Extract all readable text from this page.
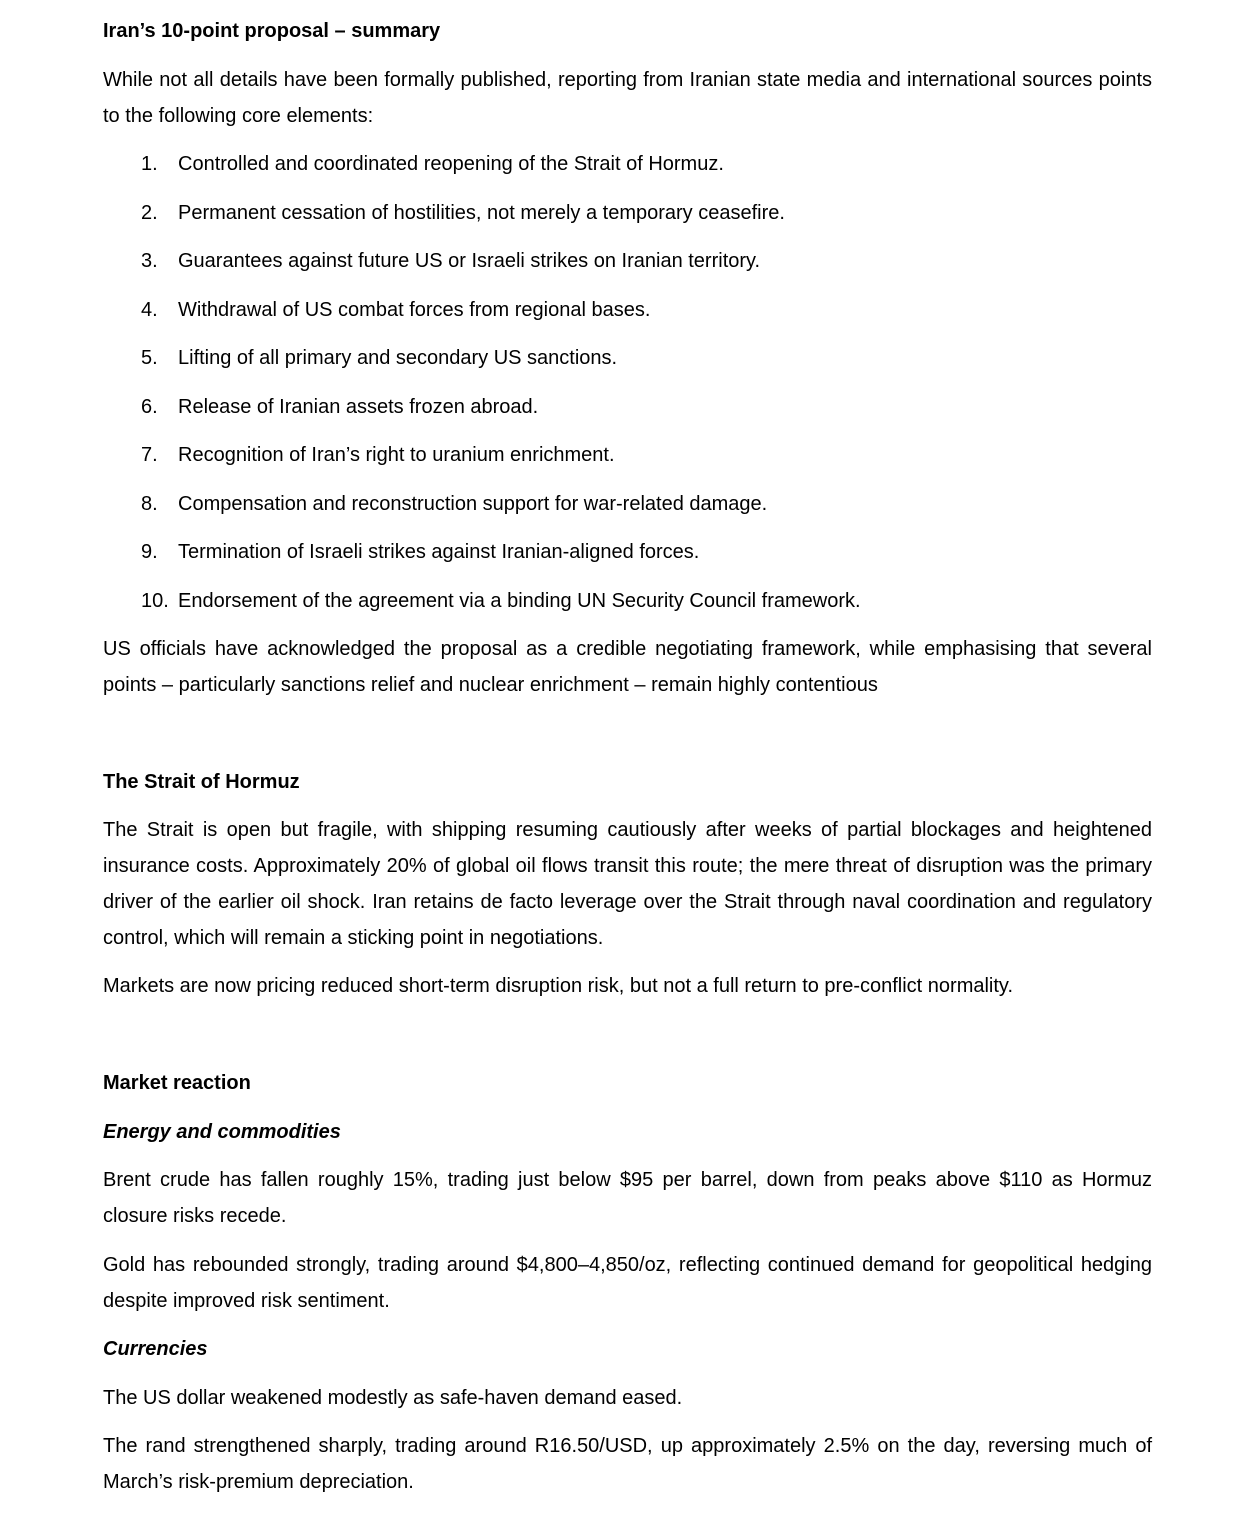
Iran’s 10-point proposal – summary

While not all details have been formally published, reporting from Iranian state media and international sources points to the following core elements:

1.	Controlled and coordinated reopening of the Strait of Hormuz.
2.	Permanent cessation of hostilities, not merely a temporary ceasefire.
3.	Guarantees against future US or Israeli strikes on Iranian territory.
4.	Withdrawal of US combat forces from regional bases.
5.	Lifting of all primary and secondary US sanctions.
6.	Release of Iranian assets frozen abroad.
7.	Recognition of Iran’s right to uranium enrichment.
8.	Compensation and reconstruction support for war-related damage.
9.	Termination of Israeli strikes against Iranian-aligned forces.
10. Endorsement of the agreement via a binding UN Security Council framework.

US officials have acknowledged the proposal as a credible negotiating framework, while emphasising that several points – particularly sanctions relief and nuclear enrichment – remain highly contentious

The Strait of Hormuz

The Strait is open but fragile, with shipping resuming cautiously after weeks of partial blockages and heightened insurance costs. Approximately 20% of global oil flows transit this route; the mere threat of disruption was the primary driver of the earlier oil shock. Iran retains de facto leverage over the Strait through naval coordination and regulatory control, which will remain a sticking point in negotiations.

Markets are now pricing reduced short-term disruption risk, but not a full return to pre-conflict normality.

Market reaction
Energy and commodities

Brent crude has fallen roughly 15%, trading just below $95 per barrel, down from peaks above $110 as Hormuz closure risks recede.

Gold has rebounded strongly, trading around $4,800–4,850/oz, reflecting continued demand for geopolitical hedging despite improved risk sentiment.

Currencies

The US dollar weakened modestly as safe-haven demand eased.

The rand strengthened sharply, trading around R16.50/USD, up approximately 2.5% on the day, reversing much of March’s risk-premium depreciation.
